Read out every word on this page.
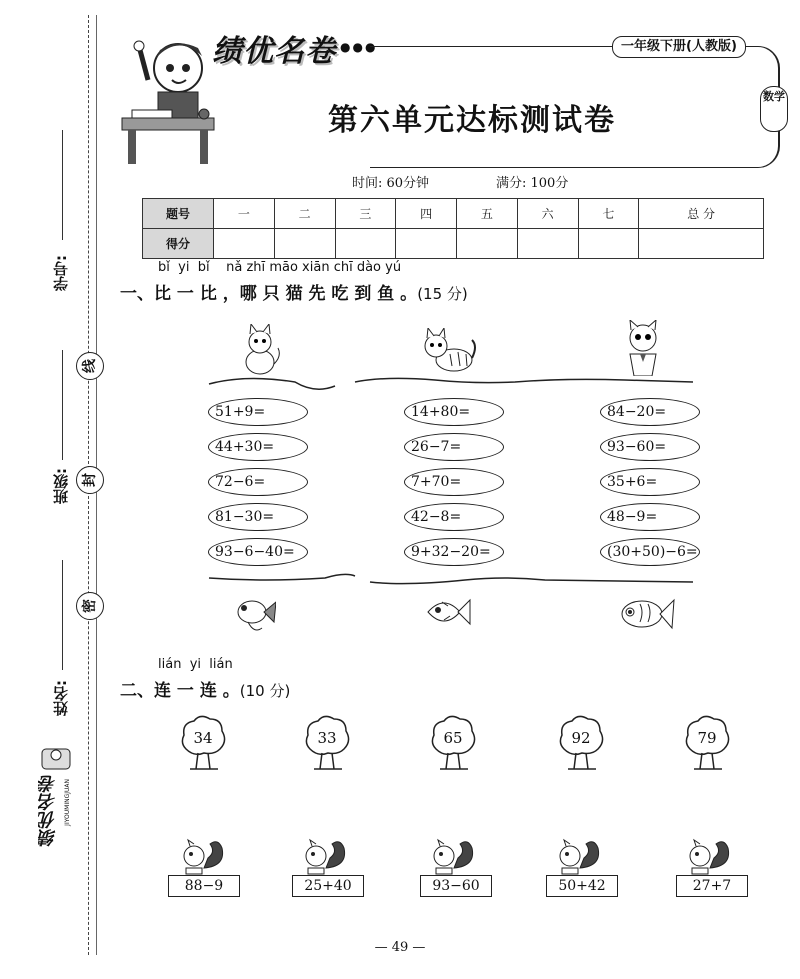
学号:
班级:
姓名:
线
封
密
绩优名卷 JIYOUMINGJUAN
绩优名卷 ●●●	一年级下册(人教版)
数学
第六单元达标测试卷
时间: 60分钟	满分: 100分
题号	一	二	三	四	五	六	七	总 分
得分								
bǐ yi bǐ nǎ zhī māo xiān chī dào yú
一、比 一 比 ，哪 只 猫 先 吃 到 鱼 。(15 分)
51+9=
44+30=
72−6=
81−30=
93−6−40=
14+80=
26−7=
7+70=
42−8=
9+32−20=
84−20=
93−60=
35+6=
48−9=
(30+50)−6=
lián yi lián
二、连 一 连 。(10 分)
34	33	65	92	79
88−9	25+40	93−60	50+42	27+7
— 49 —
